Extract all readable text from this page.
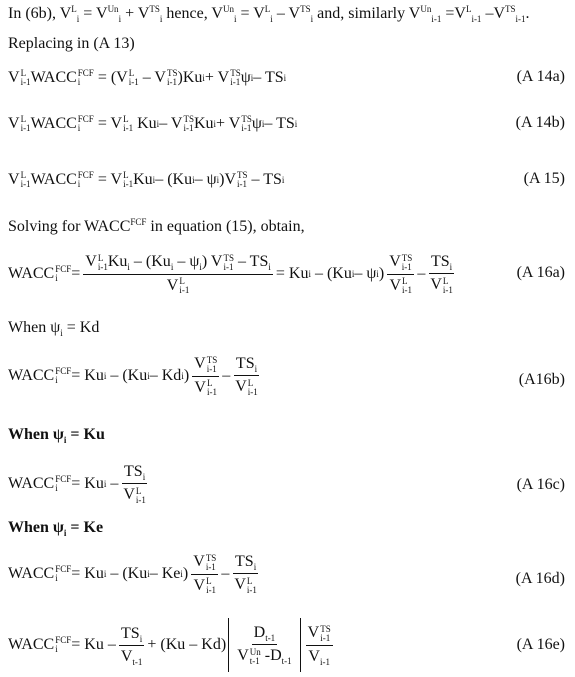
In (6b), $V^L_i = V^{Un}_i + V^{TS}_i$ hence, $V^{Un}_i = V^L_i - V^{TS}_i$ and, similarly $V^{Un}_{i-1} =V^L_{i-1}$ $-V^{TS}_{i-1}$.
Replacing in (A 13)
V L
i-1 WACC FCF
i = (V L
i-1 – V TS
i-1 )Ku i + V TS
i-1 ψ i – TS i	(A 14a)
V L
i-1 WACC FCF
i = V L
i-1 Ku i – V TS
i-1 Ku i + V TS
i-1 ψ i – TS i	(A 14b)
V L
i-1 WACC FCF
i = V L
i-1 Ku i – (Ku i – ψ i )V TS
i-1 – TS i	(A 15)
Solving for $WACC^{FCF}$ in equation (15), obtain,
WACC FCF
i = V L
i-1 $Ku_i - (Ku_i - \psi_i)$ V TS
$i-1 - TS_i$
V L
i-1 = Ku i – (Ku i – ψ i ) V TS
i-1
V L
$i-1 - TS_i$
V L
i-1	(A 16a)
When $\psi_i = Kd$
WACC FCF
i = Ku i – (Ku i – Kd i ) V TS
i-1
V L
$i-1 - TS_i$
V L
i-1	(A16b)
When $\psi_i = Ku$
WACC FCF
i = Ku i – $TS_i$
V L
i-1	(A 16c)
When $\psi_i = Ke$
WACC FCF
i = Ku i – (Ku i – Ke i ) V TS
i-1
V L
$i-1 - TS_i$
V L
i-1	(A 16d)
WACC FCF
$i = Ku - \frac{TS_i}{V_{t-1}} + (Ku - Kd)$ $D_{t-1}$
V Un
t-1 $-D_{t-1}$ V TS
i-1
$V_{i-1}$	(A 16e)
